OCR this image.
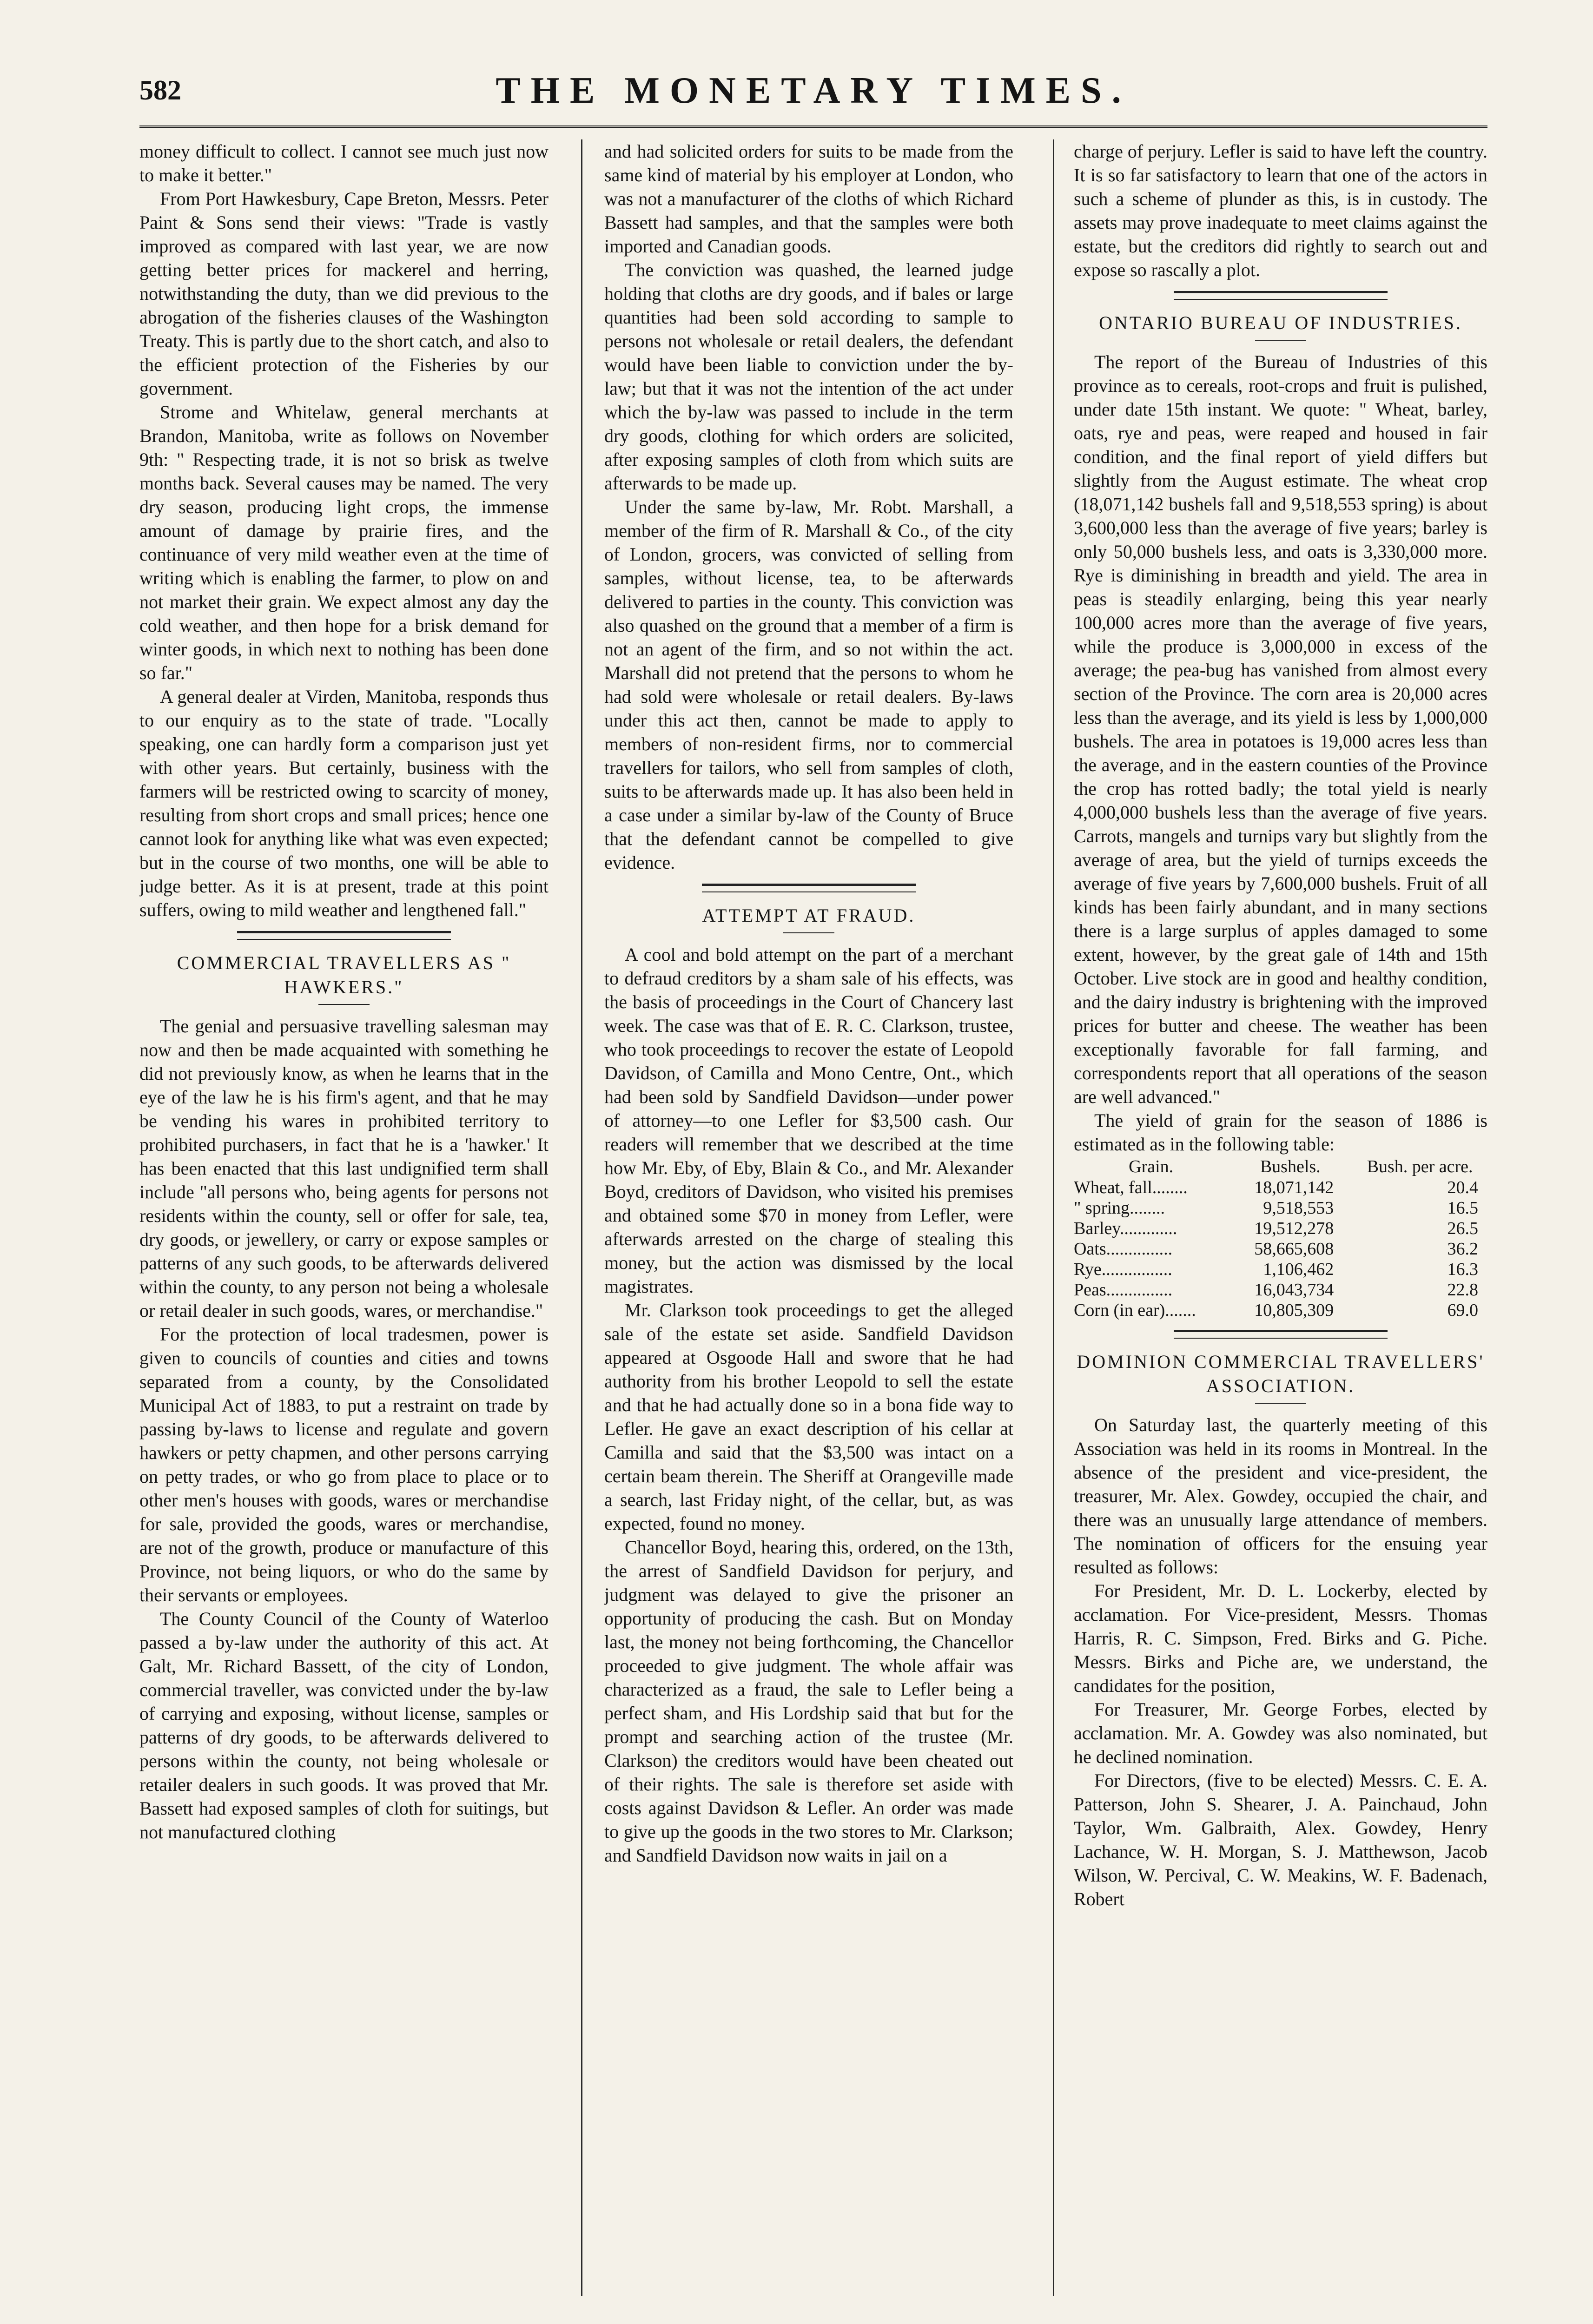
582	THE MONETARY TIMES.

money difficult to collect. I cannot see much just now to make it better."

From Port Hawkesbury, Cape Breton, Messrs. Peter Paint & Sons send their views: "Trade is vastly improved as compared with last year, we are now getting better prices for mackerel and herring, notwithstanding the duty, than we did previous to the abrogation of the fisheries clauses of the Washington Treaty. This is partly due to the short catch, and also to the efficient protection of the Fisheries by our government.

Strome and Whitelaw, general merchants at Brandon, Manitoba, write as follows on November 9th: " Respecting trade, it is not so brisk as twelve months back. Several causes may be named. The very dry season, producing light crops, the immense amount of damage by prairie fires, and the continuance of very mild weather even at the time of writing which is enabling the farmer, to plow on and not market their grain. We expect almost any day the cold weather, and then hope for a brisk demand for winter goods, in which next to nothing has been done so far."

A general dealer at Virden, Manitoba, responds thus to our enquiry as to the state of trade. "Locally speaking, one can hardly form a comparison just yet with other years. But certainly, business with the farmers will be restricted owing to scarcity of money, resulting from short crops and small prices; hence one cannot look for anything like what was even expected; but in the course of two months, one will be able to judge better. As it is at present, trade at this point suffers, owing to mild weather and lengthened fall."

COMMERCIAL TRAVELLERS AS " HAWKERS."

The genial and persuasive travelling salesman may now and then be made acquainted with something he did not previously know, as when he learns that in the eye of the law he is his firm's agent, and that he may be vending his wares in prohibited territory to prohibited purchasers, in fact that he is a 'hawker.' It has been enacted that this last undignified term shall include "all persons who, being agents for persons not residents within the county, sell or offer for sale, tea, dry goods, or jewellery, or carry or expose samples or patterns of any such goods, to be afterwards delivered within the county, to any person not being a wholesale or retail dealer in such goods, wares, or merchandise."

For the protection of local tradesmen, power is given to councils of counties and cities and towns separated from a county, by the Consolidated Municipal Act of 1883, to put a restraint on trade by passing by-laws to license and regulate and govern hawkers or petty chapmen, and other persons carrying on petty trades, or who go from place to place or to other men's houses with goods, wares or merchandise for sale, provided the goods, wares or merchandise, are not of the growth, produce or manufacture of this Province, not being liquors, or who do the same by their servants or employees.

The County Council of the County of Waterloo passed a by-law under the authority of this act. At Galt, Mr. Richard Bassett, of the city of London, commercial traveller, was convicted under the by-law of carrying and exposing, without license, samples or patterns of dry goods, to be afterwards delivered to persons within the county, not being wholesale or retailer dealers in such goods. It was proved that Mr. Bassett had exposed samples of cloth for suitings, but not manufactured clothing

and had solicited orders for suits to be made from the same kind of material by his employer at London, who was not a manufacturer of the cloths of which Richard Bassett had samples, and that the samples were both imported and Canadian goods.

The conviction was quashed, the learned judge holding that cloths are dry goods, and if bales or large quantities had been sold according to sample to persons not wholesale or retail dealers, the defendant would have been liable to conviction under the by-law; but that it was not the intention of the act under which the by-law was passed to include in the term dry goods, clothing for which orders are solicited, after exposing samples of cloth from which suits are afterwards to be made up.

Under the same by-law, Mr. Robt. Marshall, a member of the firm of R. Marshall & Co., of the city of London, grocers, was convicted of selling from samples, without license, tea, to be afterwards delivered to parties in the county. This conviction was also quashed on the ground that a member of a firm is not an agent of the firm, and so not within the act. Marshall did not pretend that the persons to whom he had sold were wholesale or retail dealers. By-laws under this act then, cannot be made to apply to members of non-resident firms, nor to commercial travellers for tailors, who sell from samples of cloth, suits to be afterwards made up. It has also been held in a case under a similar by-law of the County of Bruce that the defendant cannot be compelled to give evidence.

ATTEMPT AT FRAUD.

A cool and bold attempt on the part of a merchant to defraud creditors by a sham sale of his effects, was the basis of proceedings in the Court of Chancery last week. The case was that of E. R. C. Clarkson, trustee, who took proceedings to recover the estate of Leopold Davidson, of Camilla and Mono Centre, Ont., which had been sold by Sandfield Davidson—under power of attorney—to one Lefler for $3,500 cash. Our readers will remember that we described at the time how Mr. Eby, of Eby, Blain & Co., and Mr. Alexander Boyd, creditors of Davidson, who visited his premises and obtained some $70 in money from Lefler, were afterwards arrested on the charge of stealing this money, but the action was dismissed by the local magistrates.

Mr. Clarkson took proceedings to get the alleged sale of the estate set aside. Sandfield Davidson appeared at Osgoode Hall and swore that he had authority from his brother Leopold to sell the estate and that he had actually done so in a bona fide way to Lefler. He gave an exact description of his cellar at Camilla and said that the $3,500 was intact on a certain beam therein. The Sheriff at Orangeville made a search, last Friday night, of the cellar, but, as was expected, found no money.

Chancellor Boyd, hearing this, ordered, on the 13th, the arrest of Sandfield Davidson for perjury, and judgment was delayed to give the prisoner an opportunity of producing the cash. But on Monday last, the money not being forthcoming, the Chancellor proceeded to give judgment. The whole affair was characterized as a fraud, the sale to Lefler being a perfect sham, and His Lordship said that but for the prompt and searching action of the trustee (Mr. Clarkson) the creditors would have been cheated out of their rights. The sale is therefore set aside with costs against Davidson & Lefler. An order was made to give up the goods in the two stores to Mr. Clarkson; and Sandfield Davidson now waits in jail on a

charge of perjury. Lefler is said to have left the country. It is so far satisfactory to learn that one of the actors in such a scheme of plunder as this, is in custody. The assets may prove inadequate to meet claims against the estate, but the creditors did rightly to search out and expose so rascally a plot.

ONTARIO BUREAU OF INDUSTRIES.

The report of the Bureau of Industries of this province as to cereals, root-crops and fruit is pulished, under date 15th instant. We quote: " Wheat, barley, oats, rye and peas, were reaped and housed in fair condition, and the final report of yield differs but slightly from the August estimate. The wheat crop (18,071,142 bushels fall and 9,518,553 spring) is about 3,600,000 less than the average of five years; barley is only 50,000 bushels less, and oats is 3,330,000 more. Rye is diminishing in breadth and yield. The area in peas is steadily enlarging, being this year nearly 100,000 acres more than the average of five years, while the produce is 3,000,000 in excess of the average; the pea-bug has vanished from almost every section of the Province. The corn area is 20,000 acres less than the average, and its yield is less by 1,000,000 bushels. The area in potatoes is 19,000 acres less than the average, and in the eastern counties of the Province the crop has rotted badly; the total yield is nearly 4,000,000 bushels less than the average of five years. Carrots, mangels and turnips vary but slightly from the average of area, but the yield of turnips exceeds the average of five years by 7,600,000 bushels. Fruit of all kinds has been fairly abundant, and in many sections there is a large surplus of apples damaged to some extent, however, by the great gale of 14th and 15th October. Live stock are in good and healthy condition, and the dairy industry is brightening with the improved prices for butter and cheese. The weather has been exceptionally favorable for fall farming, and correspondents report that all operations of the season are well advanced."

The yield of grain for the season of 1886 is estimated as in the following table:

Grain.	Bushels.	Bush. per acre.
Wheat, fall........	18,071,142	20.4
" spring........	9,518,553	16.5
Barley.............	19,512,278	26.5
Oats...............	58,665,608	36.2
Rye................	1,106,462	16.3
Peas...............	16,043,734	22.8
Corn (in ear).......	10,805,309	69.0
DOMINION COMMERCIAL TRAVELLERS' ASSOCIATION.

On Saturday last, the quarterly meeting of this Association was held in its rooms in Montreal. In the absence of the president and vice-president, the treasurer, Mr. Alex. Gowdey, occupied the chair, and there was an unusually large attendance of members. The nomination of officers for the ensuing year resulted as follows:

For President, Mr. D. L. Lockerby, elected by acclamation. For Vice-president, Messrs. Thomas Harris, R. C. Simpson, Fred. Birks and G. Piche. Messrs. Birks and Piche are, we understand, the candidates for the position,

For Treasurer, Mr. George Forbes, elected by acclamation. Mr. A. Gowdey was also nominated, but he declined nomination.

For Directors, (five to be elected) Messrs. C. E. A. Patterson, John S. Shearer, J. A. Painchaud, John Taylor, Wm. Galbraith, Alex. Gowdey, Henry Lachance, W. H. Morgan, S. J. Matthewson, Jacob Wilson, W. Percival, C. W. Meakins, W. F. Badenach, Robert
